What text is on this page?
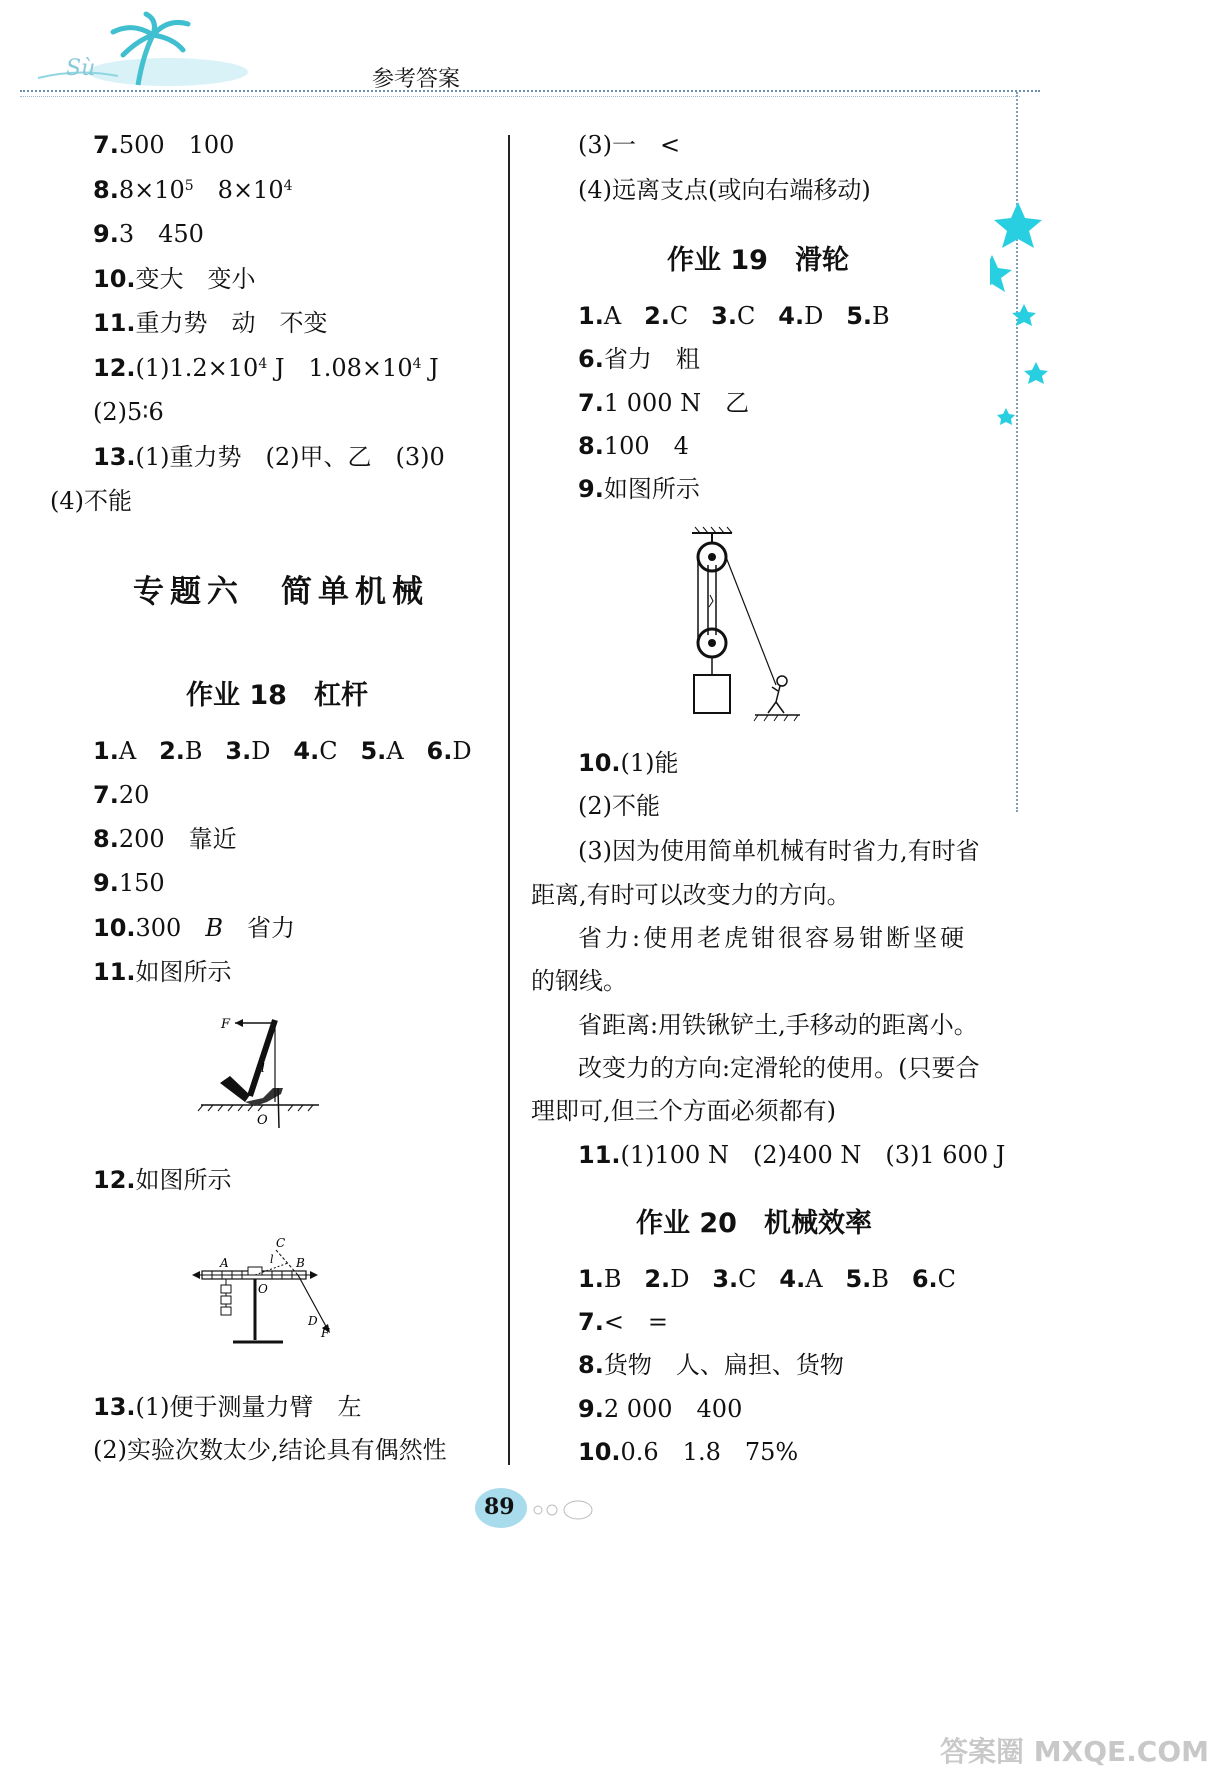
Sù	参考答案
7.500　100
$8.8\times 10^5$　$8\times 10^4$
9.3　450
10.变大　变小
11.重力势　动　不变
$12.(1)1.2\times 10^4$ J　$1.08\times 10^4$ J
(2)5∶6
13.(1)重力势　(2)甲、乙　(3)0
(4)不能
专题六　简单机械
作业 18　杠杆
1.A 2.B 3.D 4.C 5.A 6.D
7.20
8.200　靠近
9.150
10.300　B　省力
11.如图所示
F
l
O
12.如图所示
C
l B
A
O
D
F
13.(1)便于测量力臂　左
(2)实验次数太少,结论具有偶然性
(3)一　<
(4)远离支点(或向右端移动)
作业 19　滑轮
1.A 2.C 3.C 4.D 5.B
6.省力　粗
7.1 000 N　乙
8.100　4
9.如图所示
10.(1)能
(2)不能
(3)因为使用简单机械有时省力,有时省
距离,有时可以改变力的方向。
省力:使用老虎钳很容易钳断坚硬
的钢线。
省距离:用铁锹铲土,手移动的距离小。
改变力的方向:定滑轮的使用。(只要合
理即可,但三个方面必须都有)
11.(1)100 N　(2)400 N　(3)1 600 J
作业 20　机械效率
1.B 2.D 3.C 4.A 5.B 6.C
7.<　=
8.货物　人、扁担、货物
9.2 000　400
10.0.6　1.8　75%
89
答案圈 MXQE.COM
